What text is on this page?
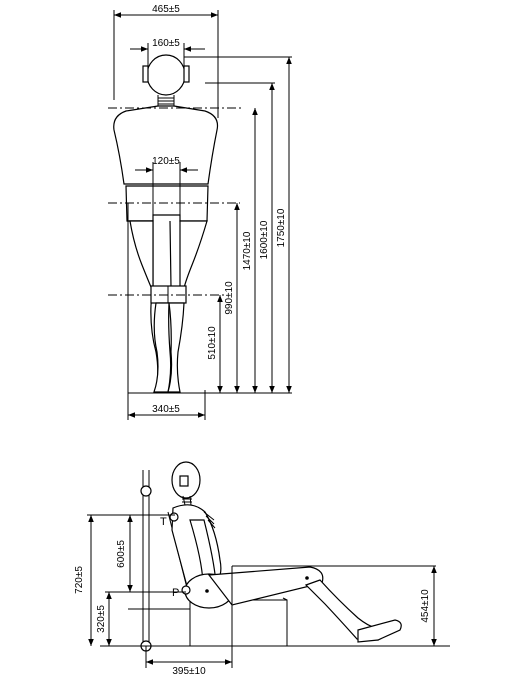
465±5
160±5
120±5
340±5
1750±10
1600±10
1470±10
990±10
510±10
720±5
600±5
320±5
395±10
454±10
T
P
